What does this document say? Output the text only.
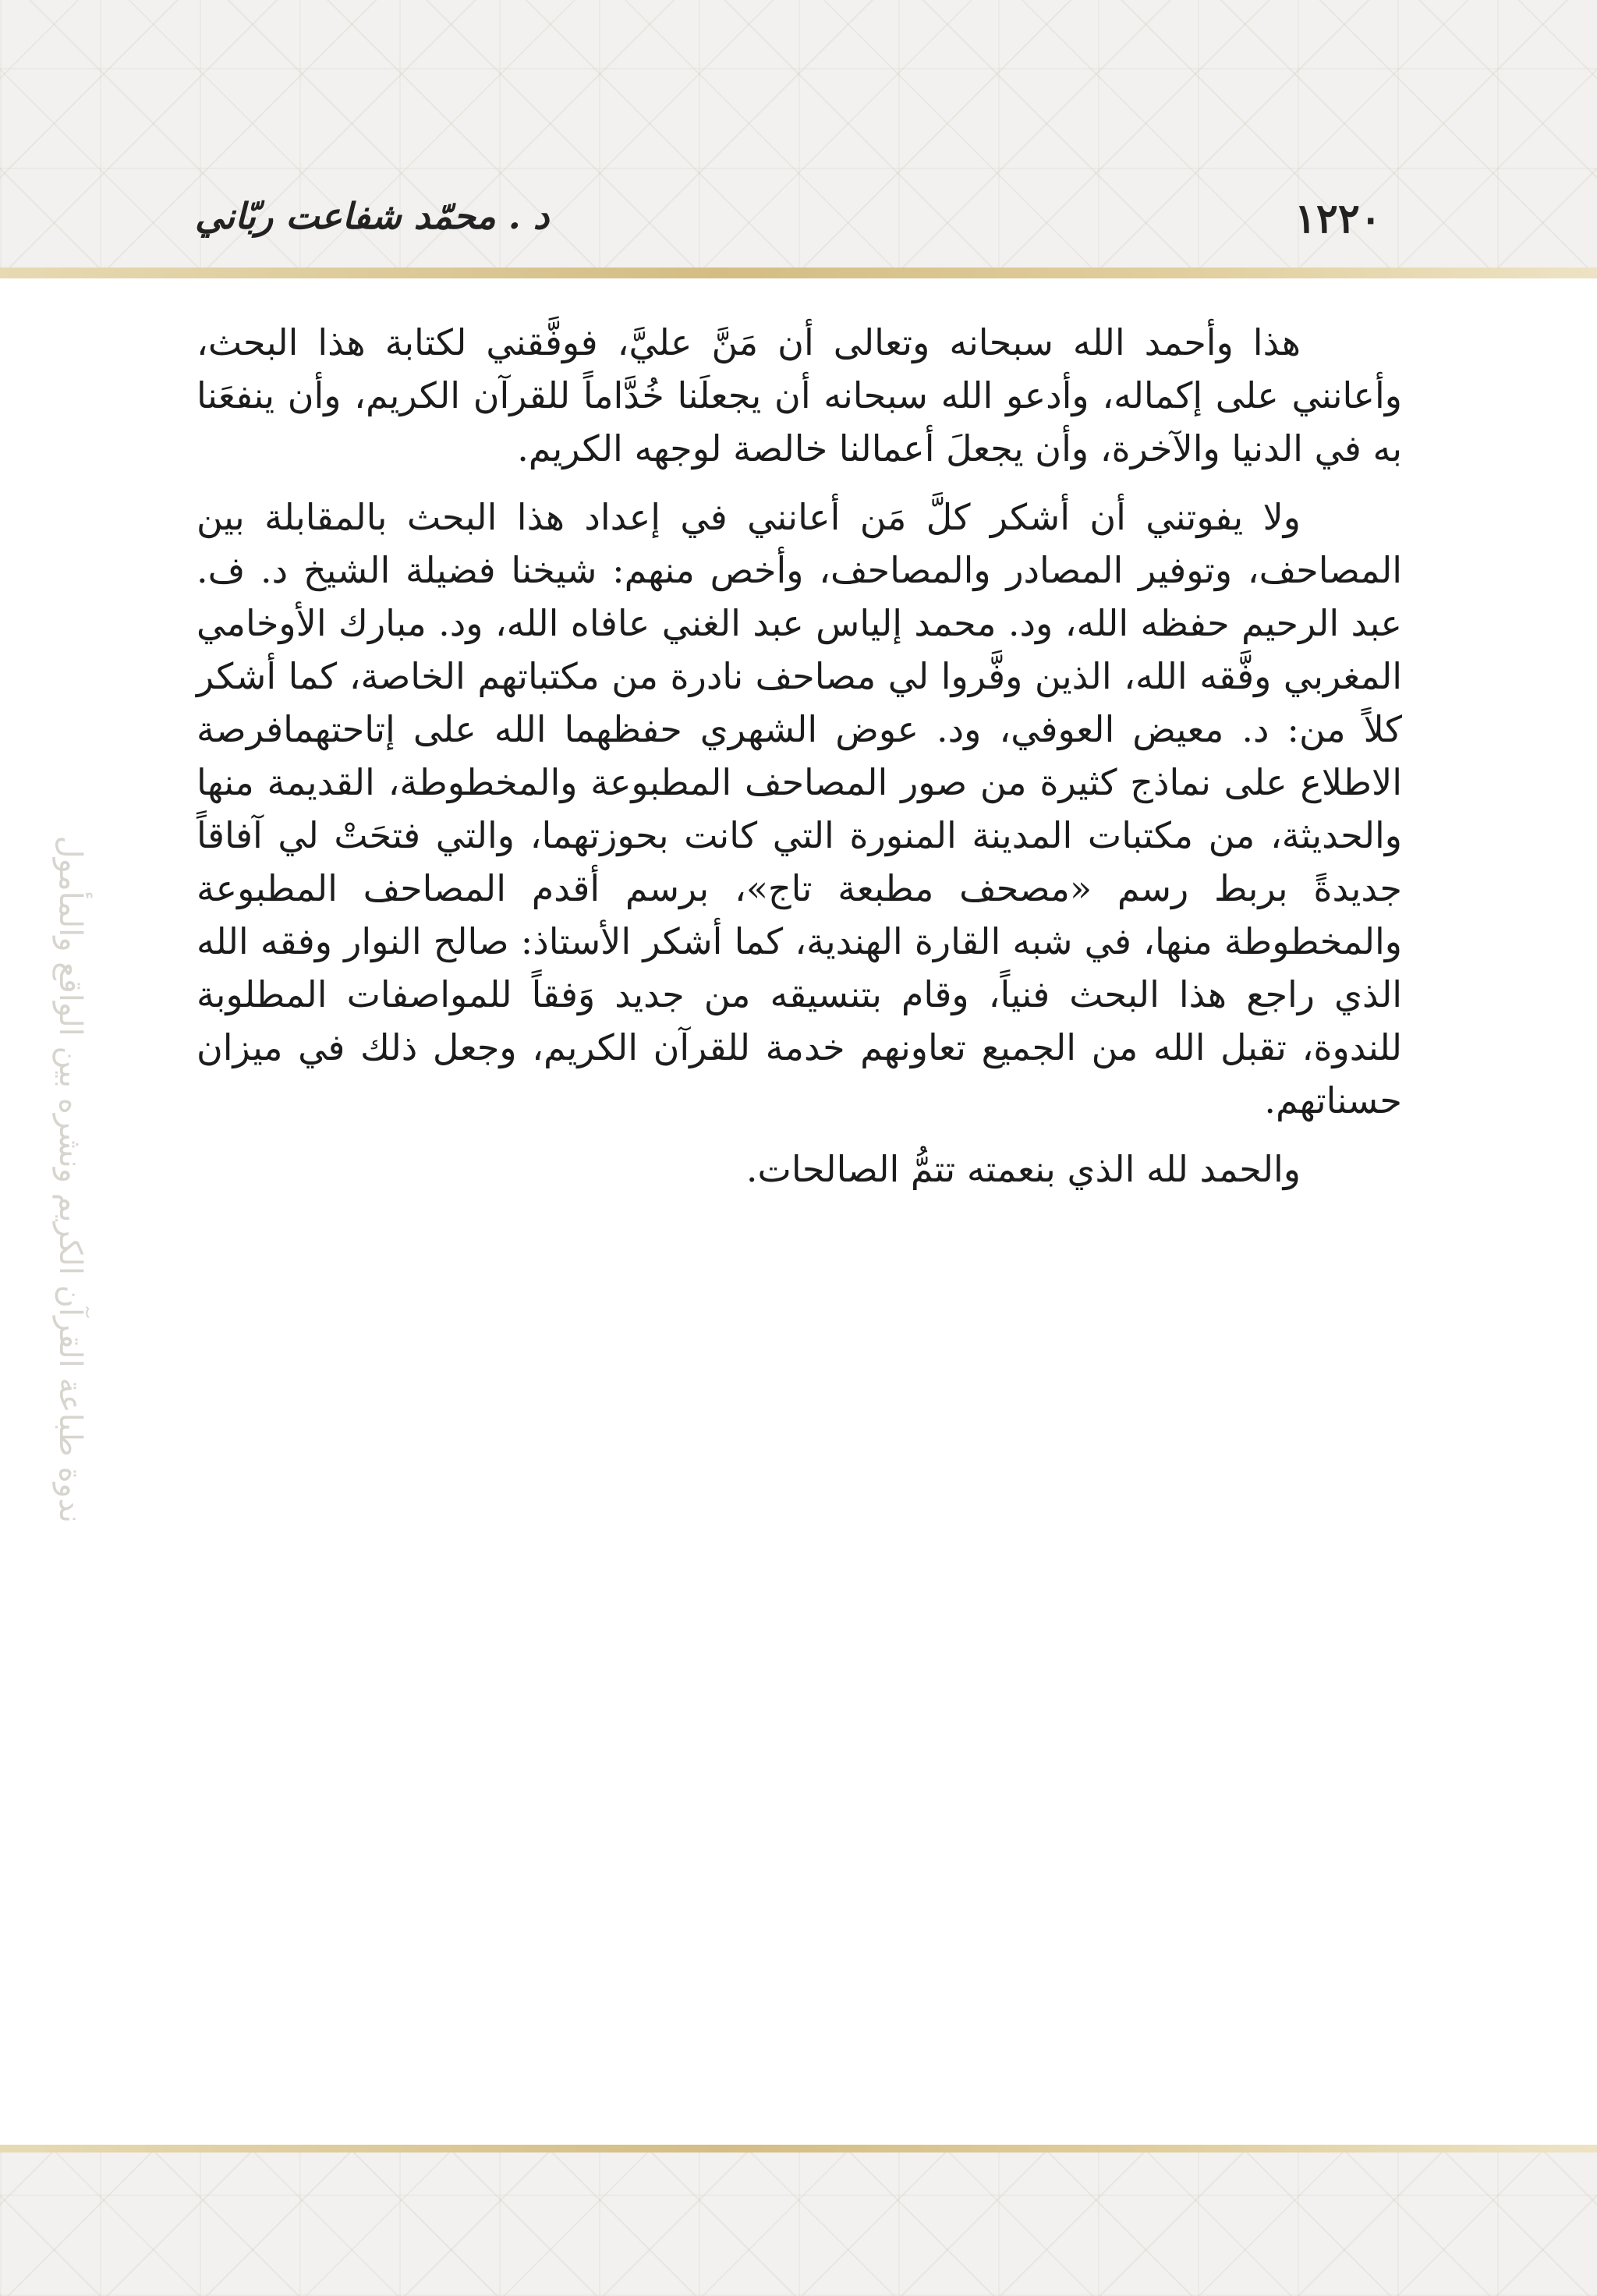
١٢٢٠
د . محمّد شفاعت ربّاني
ندوة طباعة القرآن الكريم ونشره بين الواقع والمأمول

هذا وأحمد الله سبحانه وتعالى أن مَنَّ عليَّ، فوفَّقني لكتابة هذا البحث، وأعانني على إكماله، وأدعو الله سبحانه أن يجعلَنا خُدَّاماً للقرآن الكريم، وأن ينفعَنا به في الدنيا والآخرة، وأن يجعلَ أعمالنا خالصة لوجهه الكريم.

ولا يفوتني أن أشكر كلَّ مَن أعانني في إعداد هذا البحث بالمقابلة بين المصاحف، وتوفير المصادر والمصاحف، وأخص منهم: شيخنا فضيلة الشيخ د. ف. عبد الرحيم حفظه الله، ود. محمد إلياس عبد الغني عافاه الله، ود. مبارك الأوخامي المغربي وفَّقه الله، الذين وفَّروا لي مصاحف نادرة من مكتباتهم الخاصة، كما أشكر كلاً من: د. معيض العوفي، ود. عوض الشهري حفظهما الله على إتاحتهمافرصة الاطلاع على نماذج كثيرة من صور المصاحف المطبوعة والمخطوطة، القديمة منها والحديثة، من مكتبات المدينة المنورة التي كانت بحوزتهما، والتي فتحَتْ لي آفاقاً جديدةً بربط رسم «مصحف مطبعة تاج»، برسم أقدم المصاحف المطبوعة والمخطوطة منها، في شبه القارة الهندية، كما أشكر الأستاذ: صالح النوار وفقه الله الذي راجع هذا البحث فنياً، وقام بتنسيقه من جديد وَفقاً للمواصفات المطلوبة للندوة، تقبل الله من الجميع تعاونهم خدمة للقرآن الكريم، وجعل ذلك في ميزان حسناتهم.

والحمد لله الذي بنعمته تتمُّ الصالحات.
